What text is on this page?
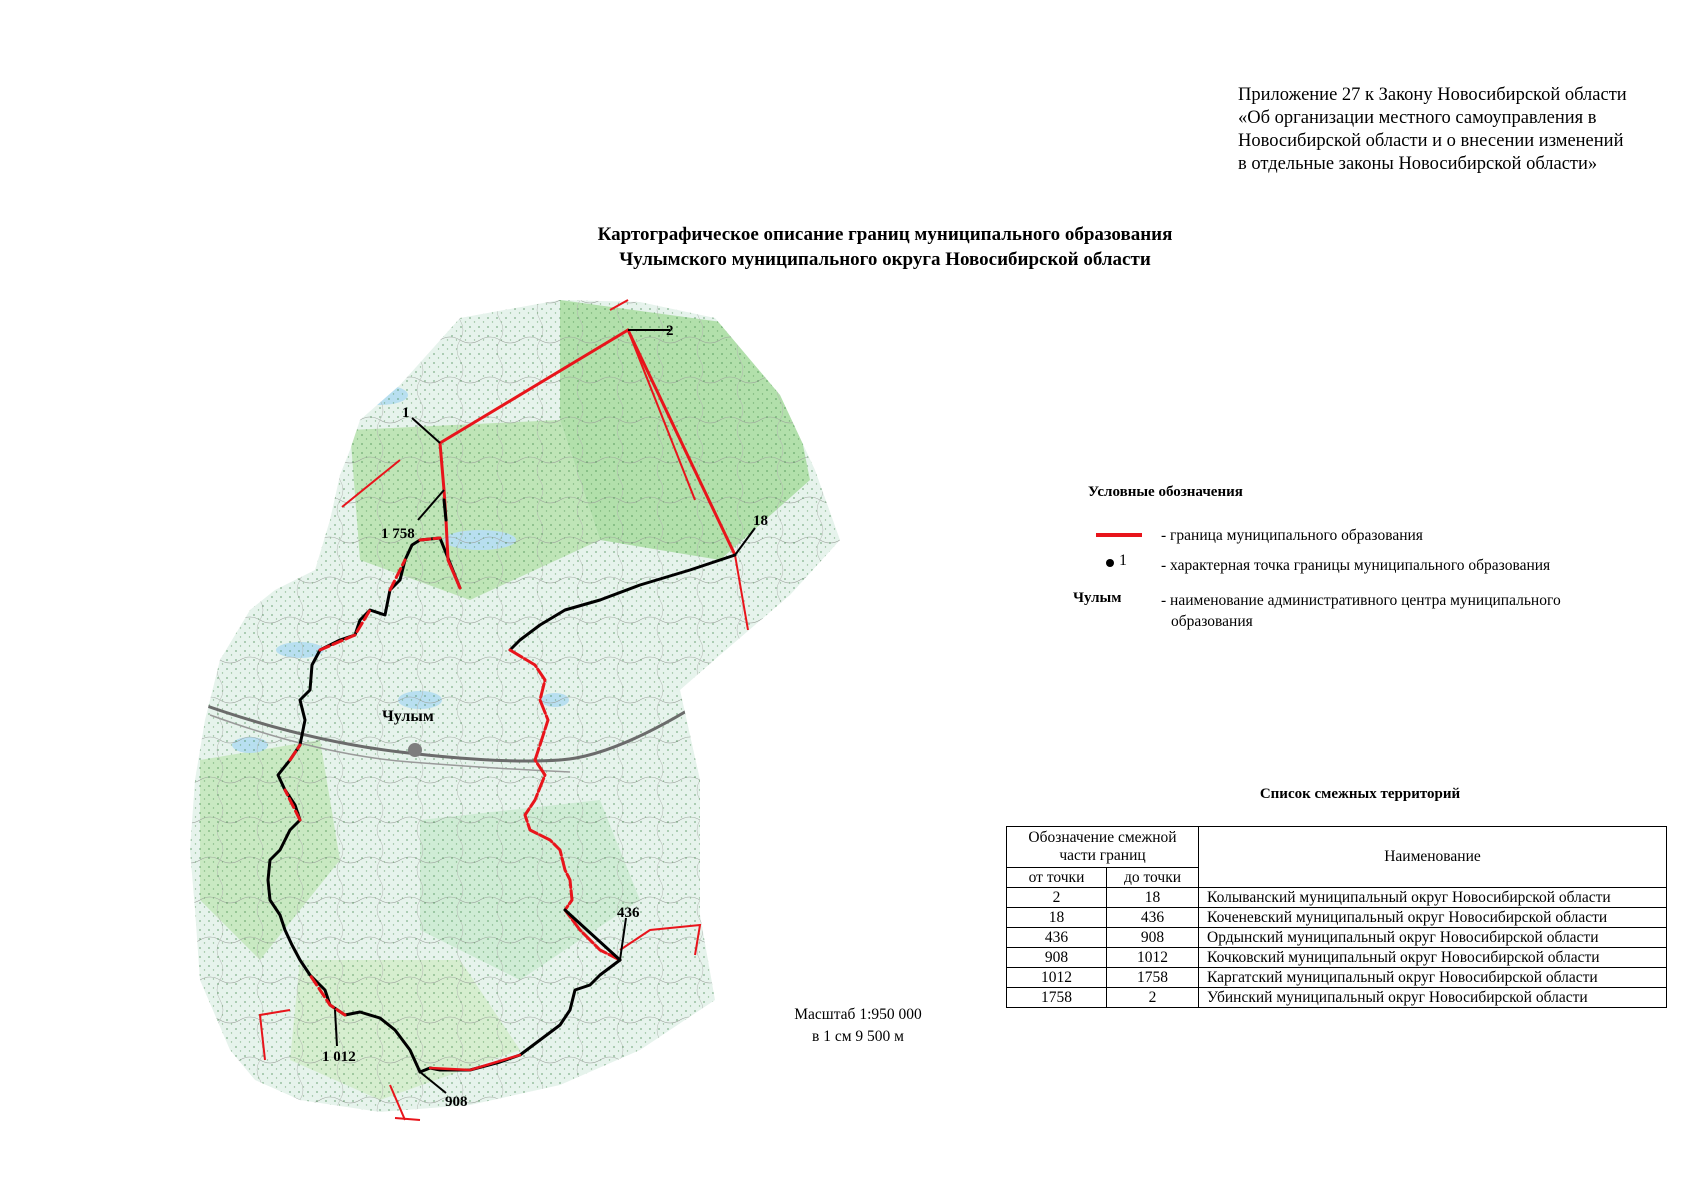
Приложение 27 к Закону Новосибирской области
«Об организации местного самоуправления в
Новосибирской области и о внесении изменений
в отдельные законы Новосибирской области»
Картографическое описание границ муниципального образования
Чулымского муниципального округа Новосибирской области
1
2
18
436
908
1 012
1 758
Чулым
Условные обозначения
- граница муниципального образования
1 - характерная точка границы муниципального образования
Чулым	- наименование административного центра муниципального
образования
Масштаб 1:950 000
в 1 см 9 500 м
Список смежных территорий
Обозначение смежной части границ		Наименование
от точки	до точки	
2	18	Колыванский муниципальный округ Новосибирской области
18	436	Коченевский муниципальный округ Новосибирской области
436	908	Ордынский муниципальный округ Новосибирской области
908	1012	Кочковский муниципальный округ Новосибирской области
1012	1758	Каргатский муниципальный округ Новосибирской области
1758	2	Убинский муниципальный округ Новосибирской области
